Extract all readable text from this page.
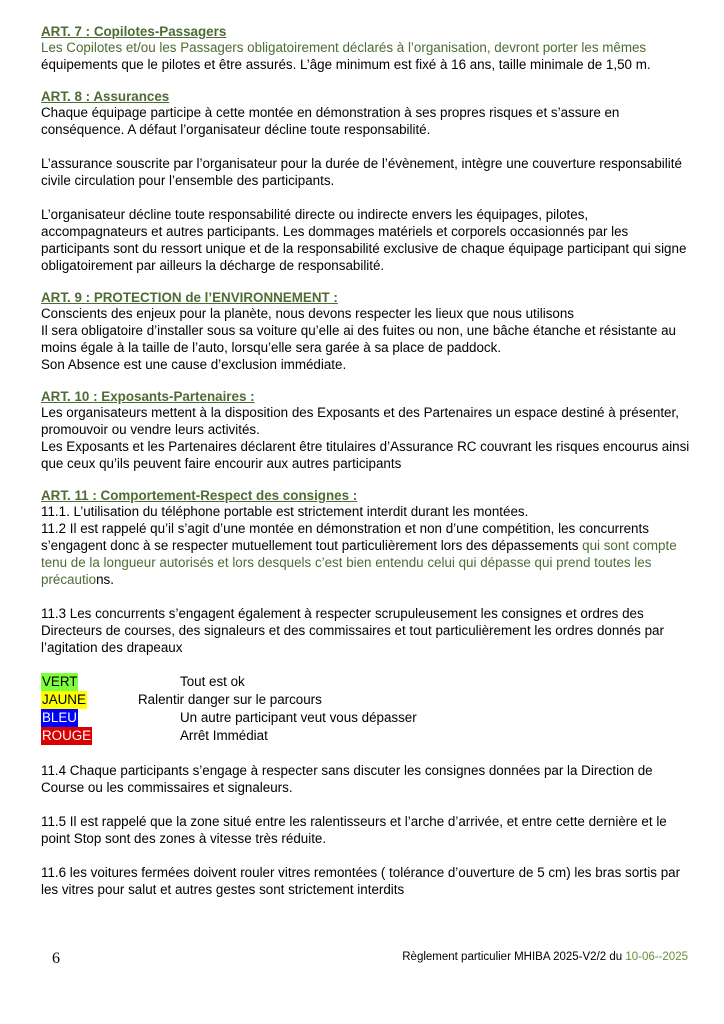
ART. 7 : Copilotes-Passagers

Les Copilotes et/ou les Passagers obligatoirement déclarés à l’organisation, devront porter les mêmes équipements que le pilotes et être assurés. L’âge minimum est fixé à 16 ans, taille minimale de 1,50 m.

ART. 8 : Assurances

Chaque équipage participe à cette montée en démonstration à ses propres risques et s’assure en conséquence. A défaut l’organisateur décline toute responsabilité.

L’assurance souscrite par l’organisateur pour la durée de l’évènement, intègre une couverture responsabilité civile circulation pour l’ensemble des participants.

L’organisateur décline toute responsabilité directe ou indirecte envers les équipages, pilotes, accompagnateurs et autres participants. Les dommages matériels et corporels occasionnés par les participants sont du ressort unique et de la responsabilité exclusive de chaque équipage participant qui signe obligatoirement par ailleurs la décharge de responsabilité.

ART. 9 : PROTECTION de l’ENVIRONNEMENT :

Conscients des enjeux pour la planète, nous devons respecter les lieux que nous utilisons

Il sera obligatoire d’installer sous sa voiture qu’elle ai des fuites ou non, une bâche étanche et résistante au moins égale à la taille de l’auto, lorsqu’elle sera garée à sa place de paddock.

Son Absence est une cause d’exclusion immédiate.

ART. 10 : Exposants-Partenaires :

Les organisateurs mettent à la disposition des Exposants et des Partenaires un espace destiné à présenter, promouvoir ou vendre leurs activités.

Les Exposants et les Partenaires déclarent être titulaires d’Assurance RC couvrant les risques encourus ainsi que ceux qu’ils peuvent faire encourir aux autres participants

ART. 11 : Comportement-Respect des consignes :

11.1. L’utilisation du téléphone portable est strictement interdit durant les montées.

11.2 Il est rappelé qu’il s’agit d’une montée en démonstration et non d’une compétition, les concurrents s’engagent donc à se respecter mutuellement tout particulièrement lors des dépassements qui sont compte tenu de la longueur autorisés et lors desquels c’est bien entendu celui qui dépasse qui prend toutes les précautions.

11.3 Les concurrents s’engagent également à respecter scrupuleusement les consignes et ordres des Directeurs de courses, des signaleurs et des commissaires et tout particulièrement les ordres donnés par l’agitation des drapeaux

VERT	Tout est ok
JAUNE	Ralentir danger sur le parcours
BLEU	Un autre participant veut vous dépasser
ROUGE	Arrêt Immédiat

11.4 Chaque participants s’engage à respecter sans discuter les consignes données par la Direction de Course ou les commissaires et signaleurs.

11.5 Il est rappelé que la zone situé entre les ralentisseurs et l’arche d’arrivée, et entre cette dernière et le point Stop sont des zones à vitesse très réduite.

11.6 les voitures fermées doivent rouler vitres remontées ( tolérance d’ouverture de 5 cm) les bras sortis par les vitres pour salut et autres gestes sont strictement interdits

6	Règlement particulier MHIBA 2025-V2/2 du 10-06--2025
